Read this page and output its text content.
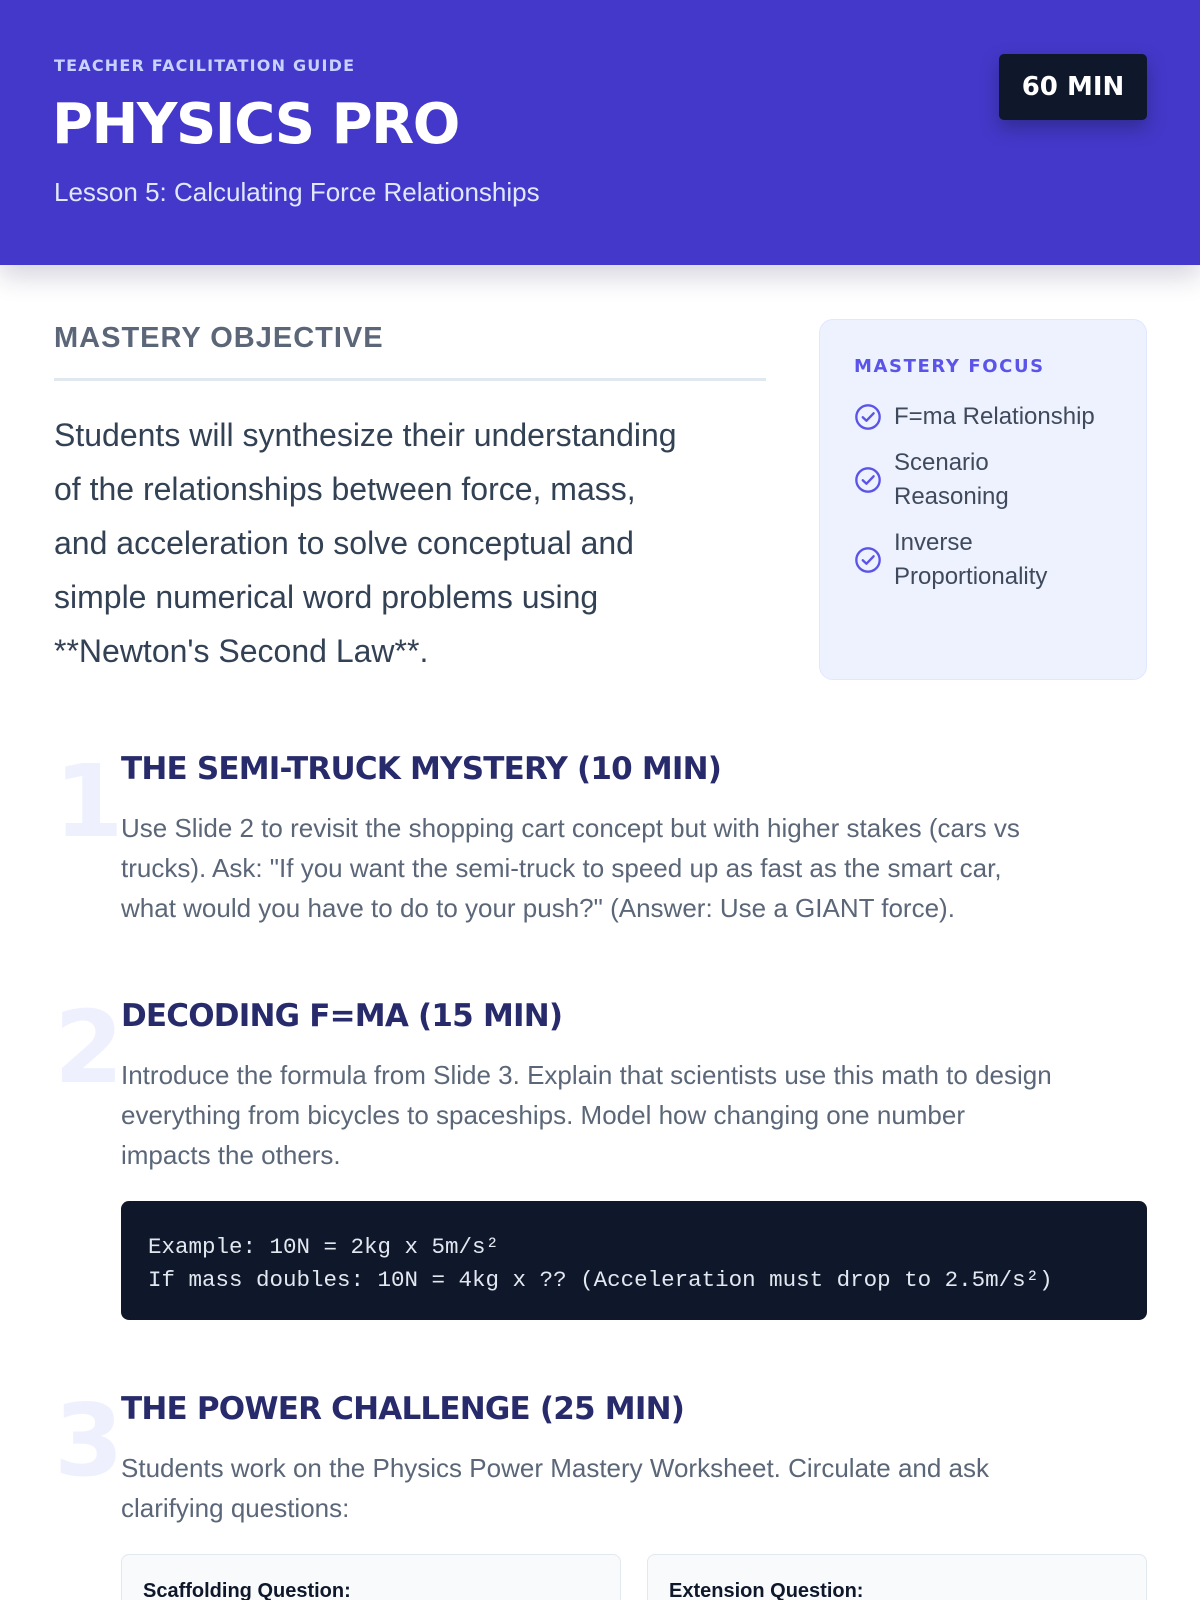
TEACHER FACILITATION GUIDE
PHYSICS PRO
Lesson 5: Calculating Force Relationships
60 MIN
MASTERY OBJECTIVE
Students will synthesize their understanding
of the relationships between force, mass,
and acceleration to solve conceptual and
simple numerical word problems using
**Newton's Second Law**.
MASTERY FOCUS
F=ma Relationship
Scenario
Reasoning
Inverse
Proportionality
1
THE SEMI-TRUCK MYSTERY (10 MIN)
Use Slide 2 to revisit the shopping cart concept but with higher stakes (cars vs
trucks). Ask: "If you want the semi-truck to speed up as fast as the smart car,
what would you have to do to your push?" (Answer: Use a GIANT force).
2
DECODING F=MA (15 MIN)
Introduce the formula from Slide 3. Explain that scientists use this math to design
everything from bicycles to spaceships. Model how changing one number
impacts the others.
Example: 10N = 2kg x 5m/s²
If mass doubles: 10N = 4kg x ?? (Acceleration must drop to 2.5m/s²)
3
THE POWER CHALLENGE (25 MIN)
Students work on the Physics Power Mastery Worksheet. Circulate and ask
clarifying questions:
Scaffolding Question:	Extension Question:
